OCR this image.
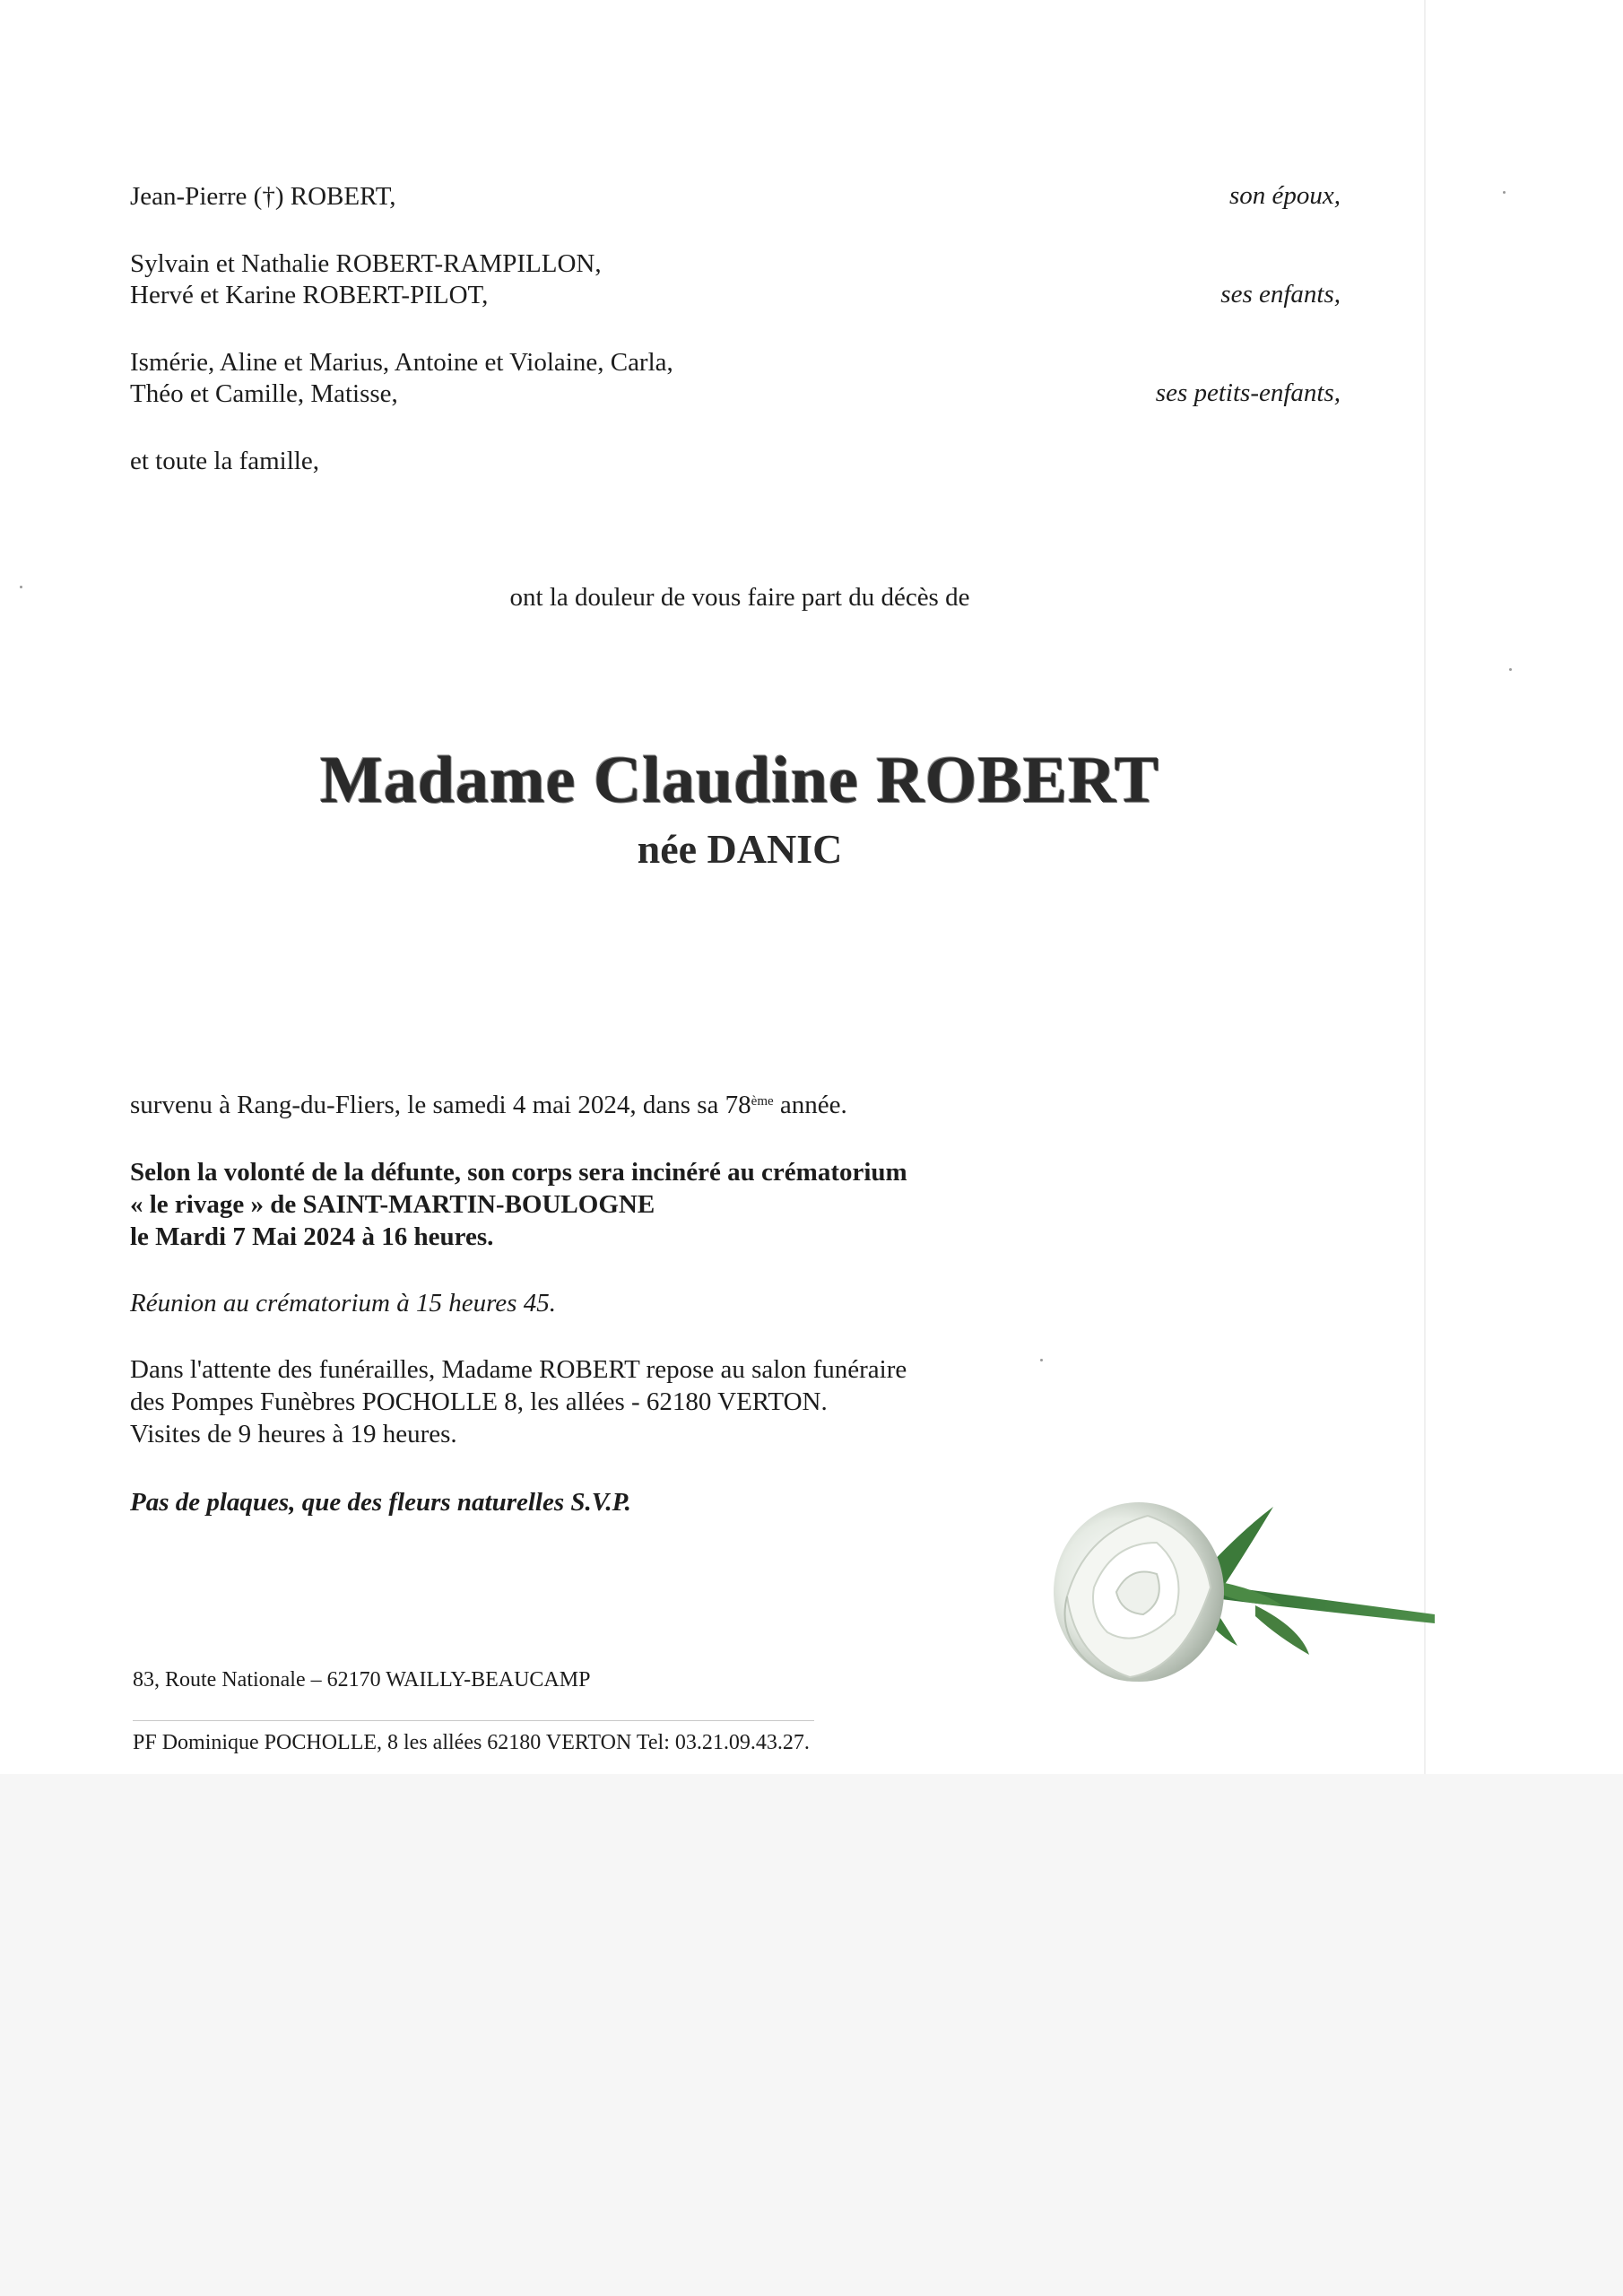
Jean-Pierre (†) ROBERT,	son époux,
Sylvain et Nathalie ROBERT-RAMPILLON,
Hervé et Karine ROBERT-PILOT,	ses enfants,
Ismérie, Aline et Marius, Antoine et Violaine, Carla,
Théo et Camille, Matisse,	ses petits-enfants,
et toute la famille,
ont la douleur de vous faire part du décès de
Madame Claudine ROBERT
née DANIC
survenu à Rang-du-Fliers, le samedi 4 mai 2024, dans sa 78ème année.
Selon la volonté de la défunte, son corps sera incinéré au crématorium
« le rivage » de SAINT-MARTIN-BOULOGNE
le Mardi 7 Mai 2024 à 16 heures.
Réunion au crématorium à 15 heures 45.
Dans l'attente des funérailles, Madame ROBERT repose au salon funéraire
des Pompes Funèbres POCHOLLE 8, les allées - 62180 VERTON.
Visites de 9 heures à 19 heures.
Pas de plaques, que des fleurs naturelles S.V.P.
83, Route Nationale – 62170 WAILLY-BEAUCAMP
PF Dominique POCHOLLE, 8 les allées 62180 VERTON Tel: 03.21.09.43.27.
